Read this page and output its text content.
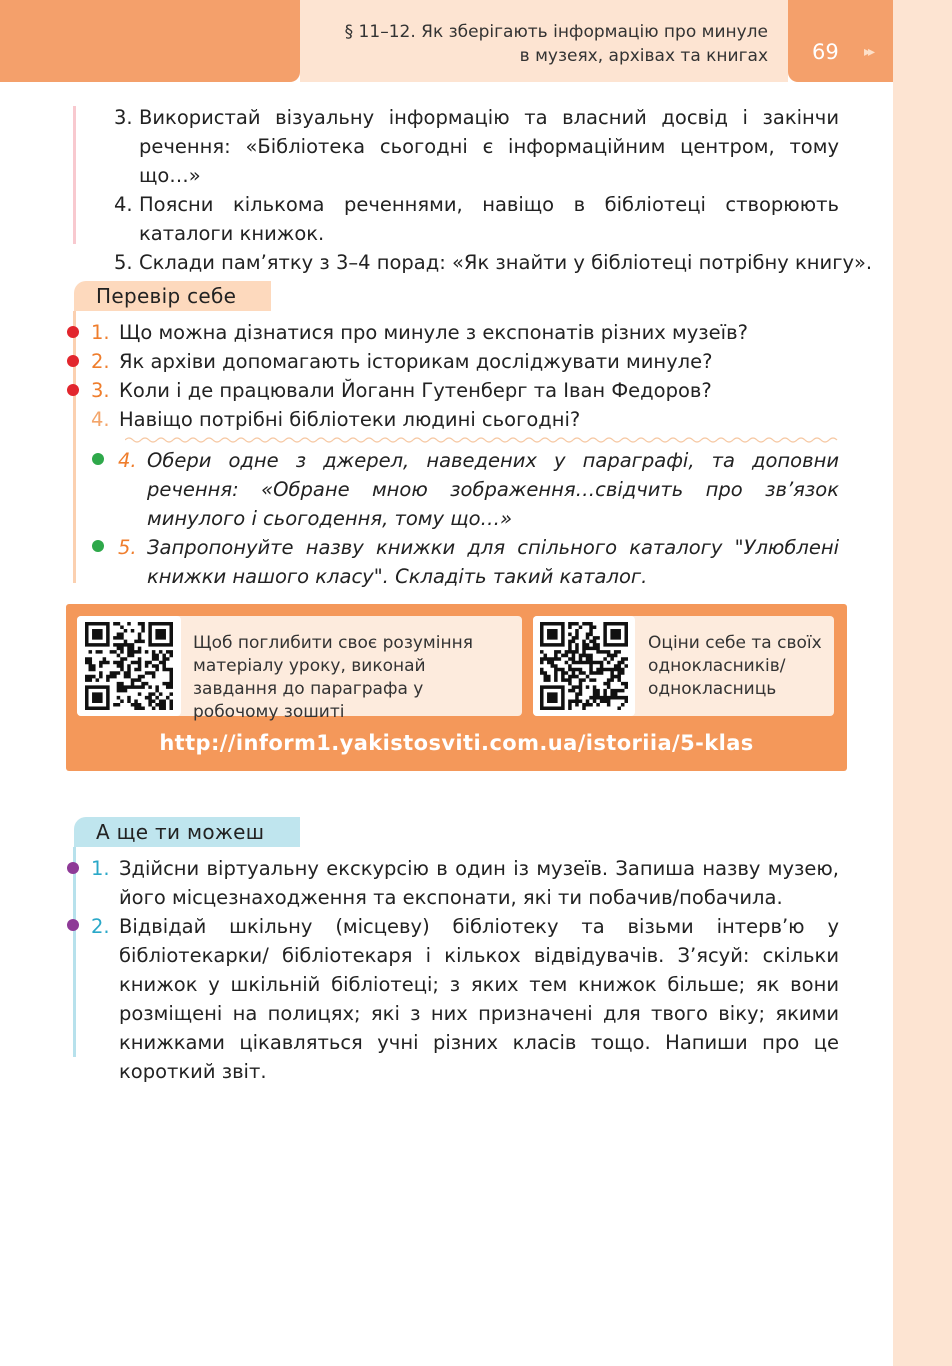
§ 11–12. Як зберігають інформацію про минуле
в музеях, архівах та книгах 69 ▸▸
3. Використай візуальну інформацію та власний досвід і закінчи речення: «Бібліотека сьогодні є інформаційним центром, тому що…»
4. Поясни кількома реченнями, навіщо в бібліотеці створюють каталоги книжок.
5. Склади пам’ятку з 3–4 порад: «Як знайти у бібліотеці потрібну книгу».
Перевір себе
1. Що можна дізнатися про минуле з експонатів різних музеїв?
2. Як архіви допомагають історикам досліджувати минуле?
3. Коли і де працювали Йоганн Гутенберг та Іван Федоров?
4. Навіщо потрібні бібліотеки людині сьогодні?
4. Обери одне з джерел, наведених у параграфі, та доповни речення: «Обране мною зображення…свідчить про зв’язок минулого і сьогодення, тому що…»
5. Запропонуйте назву книжки для спільного каталогу "Улюблені книжки нашого класу". Складіть такий каталог.
Щоб поглибити своє розуміння матеріалу уроку, виконай завдання до параграфа у робочому зошиті
Оціни себе та своїх однокласників/ однокласниць
http://inform1.yakistosviti.com.ua/istoriia/5-klas
А ще ти можеш
1. Здійсни віртуальну екскурсію в один із музеїв. Запиша назву музею, його місцезнаходження та експонати, які ти побачив/побачила.
2. Відвідай шкільну (місцеву) бібліотеку та візьми інтерв’ю у бібліотекарки/ бібліотекаря і кількох відвідувачів. З’ясуй: скільки книжок у шкільній бібліотеці; з яких тем книжок більше; як вони розміщені на полицях; які з них призначені для твого віку; якими книжками цікавляться учні різних класів тощо. Напиши про це короткий звіт.
